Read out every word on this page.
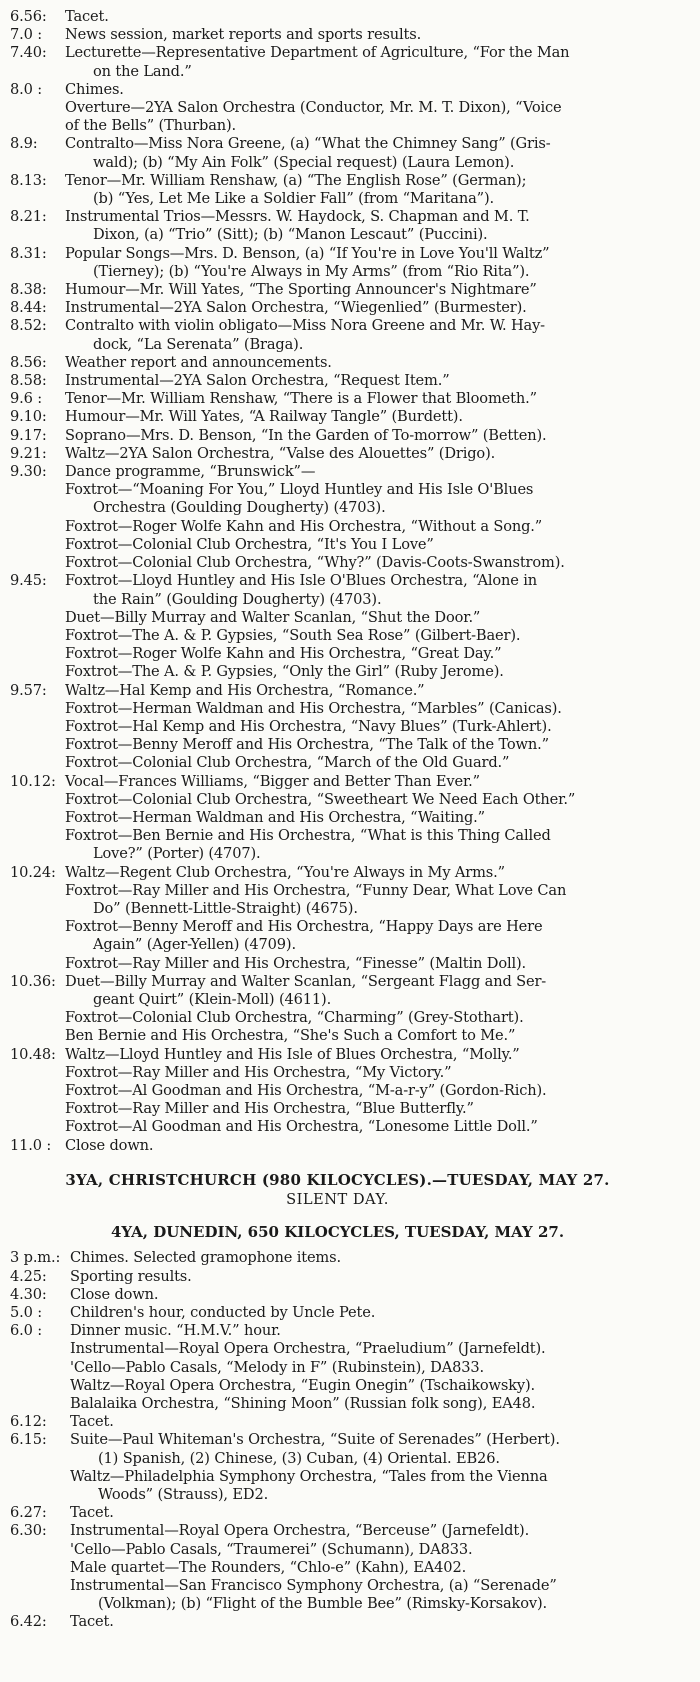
6.56:	Tacet.
7.0 :	News session, market reports and sports results.
7.40:	Lecturette—Representative Department of Agriculture, “For the Man
on the Land.”
8.0 :	Chimes.
Overture—2YA Salon Orchestra (Conductor, Mr. M. T. Dixon), “Voice
of the Bells” (Thurban).
8.9:	Contralto—Miss Nora Greene, (a) “What the Chimney Sang” (Gris-
wald); (b) “My Ain Folk” (Special request) (Laura Lemon).
8.13:	Tenor—Mr. William Renshaw, (a) “The English Rose” (German);
(b) “Yes, Let Me Like a Soldier Fall” (from “Maritana”).
8.21:	Instrumental Trios—Messrs. W. Haydock, S. Chapman and M. T.
Dixon, (a) “Trio” (Sitt); (b) “Manon Lescaut” (Puccini).
8.31:	Popular Songs—Mrs. D. Benson, (a) “If You're in Love You'll Waltz”
(Tierney); (b) “You're Always in My Arms” (from “Rio Rita”).
8.38:	Humour—Mr. Will Yates, “The Sporting Announcer's Nightmare”
8.44:	Instrumental—2YA Salon Orchestra, “Wiegenlied” (Burmester).
8.52:	Contralto with violin obligato—Miss Nora Greene and Mr. W. Hay-
dock, “La Serenata” (Braga).
8.56:	Weather report and announcements.
8.58:	Instrumental—2YA Salon Orchestra, “Request Item.”
9.6 :	Tenor—Mr. William Renshaw, “There is a Flower that Bloometh.”
9.10:	Humour—Mr. Will Yates, “A Railway Tangle” (Burdett).
9.17:	Soprano—Mrs. D. Benson, “In the Garden of To-morrow” (Betten).
9.21:	Waltz—2YA Salon Orchestra, “Valse des Alouettes” (Drigo).
9.30:	Dance programme, “Brunswick”—
Foxtrot—“Moaning For You,” Lloyd Huntley and His Isle O'Blues
Orchestra (Goulding Dougherty) (4703).
Foxtrot—Roger Wolfe Kahn and His Orchestra, “Without a Song.”
Foxtrot—Colonial Club Orchestra, “It's You I Love”
Foxtrot—Colonial Club Orchestra, “Why?” (Davis-Coots-Swanstrom).
9.45:	Foxtrot—Lloyd Huntley and His Isle O'Blues Orchestra, “Alone in
the Rain” (Goulding Dougherty) (4703).
Duet—Billy Murray and Walter Scanlan, “Shut the Door.”
Foxtrot—The A. & P. Gypsies, “South Sea Rose” (Gilbert-Baer).
Foxtrot—Roger Wolfe Kahn and His Orchestra, “Great Day.”
Foxtrot—The A. & P. Gypsies, “Only the Girl” (Ruby Jerome).
9.57:	Waltz—Hal Kemp and His Orchestra, “Romance.”
Foxtrot—Herman Waldman and His Orchestra, “Marbles” (Canicas).
Foxtrot—Hal Kemp and His Orchestra, “Navy Blues” (Turk-Ahlert).
Foxtrot—Benny Meroff and His Orchestra, “The Talk of the Town.”
Foxtrot—Colonial Club Orchestra, “March of the Old Guard.”
10.12: Vocal—Frances Williams, “Bigger and Better Than Ever.”
Foxtrot—Colonial Club Orchestra, “Sweetheart We Need Each Other.”
Foxtrot—Herman Waldman and His Orchestra, “Waiting.”
Foxtrot—Ben Bernie and His Orchestra, “What is this Thing Called
Love?” (Porter) (4707).
10.24: Waltz—Regent Club Orchestra, “You're Always in My Arms.”
Foxtrot—Ray Miller and His Orchestra, “Funny Dear, What Love Can
Do” (Bennett-Little-Straight) (4675).
Foxtrot—Benny Meroff and His Orchestra, “Happy Days are Here
Again” (Ager-Yellen) (4709).
Foxtrot—Ray Miller and His Orchestra, “Finesse” (Maltin Doll).
10.36: Duet—Billy Murray and Walter Scanlan, “Sergeant Flagg and Ser-
geant Quirt” (Klein-Moll) (4611).
Foxtrot—Colonial Club Orchestra, “Charming” (Grey-Stothart).
Ben Bernie and His Orchestra, “She's Such a Comfort to Me.”
10.48: Waltz—Lloyd Huntley and His Isle of Blues Orchestra, “Molly.”
Foxtrot—Ray Miller and His Orchestra, “My Victory.”
Foxtrot—Al Goodman and His Orchestra, “M-a-r-y” (Gordon-Rich).
Foxtrot—Ray Miller and His Orchestra, “Blue Butterfly.”
Foxtrot—Al Goodman and His Orchestra, “Lonesome Little Doll.”
11.0 : Close down.
3YA, CHRISTCHURCH (980 KILOCYCLES).—TUESDAY, MAY 27.
SILENT DAY.
4YA, DUNEDIN, 650 KILOCYCLES, TUESDAY, MAY 27.
3 p.m.: Chimes. Selected gramophone items.
4.25:	Sporting results.
4.30:	Close down.
5.0 :	Children's hour, conducted by Uncle Pete.
6.0 :	Dinner music. “H.M.V.” hour.
Instrumental—Royal Opera Orchestra, “Praeludium” (Jarnefeldt).
'Cello—Pablo Casals, “Melody in F” (Rubinstein), DA833.
Waltz—Royal Opera Orchestra, “Eugin Onegin” (Tschaikowsky).
Balalaika Orchestra, “Shining Moon” (Russian folk song), EA48.
6.12:	Tacet.
6.15:	Suite—Paul Whiteman's Orchestra, “Suite of Serenades” (Herbert).
(1) Spanish, (2) Chinese, (3) Cuban, (4) Oriental. EB26.
Waltz—Philadelphia Symphony Orchestra, “Tales from the Vienna
Woods” (Strauss), ED2.
6.27:	Tacet.
6.30:	Instrumental—Royal Opera Orchestra, “Berceuse” (Jarnefeldt).
'Cello—Pablo Casals, “Traumerei” (Schumann), DA833.
Male quartet—The Rounders, “Chlo-e” (Kahn), EA402.
Instrumental—San Francisco Symphony Orchestra, (a) “Serenade”
(Volkman); (b) “Flight of the Bumble Bee” (Rimsky-Korsakov).
6.42:	Tacet.
